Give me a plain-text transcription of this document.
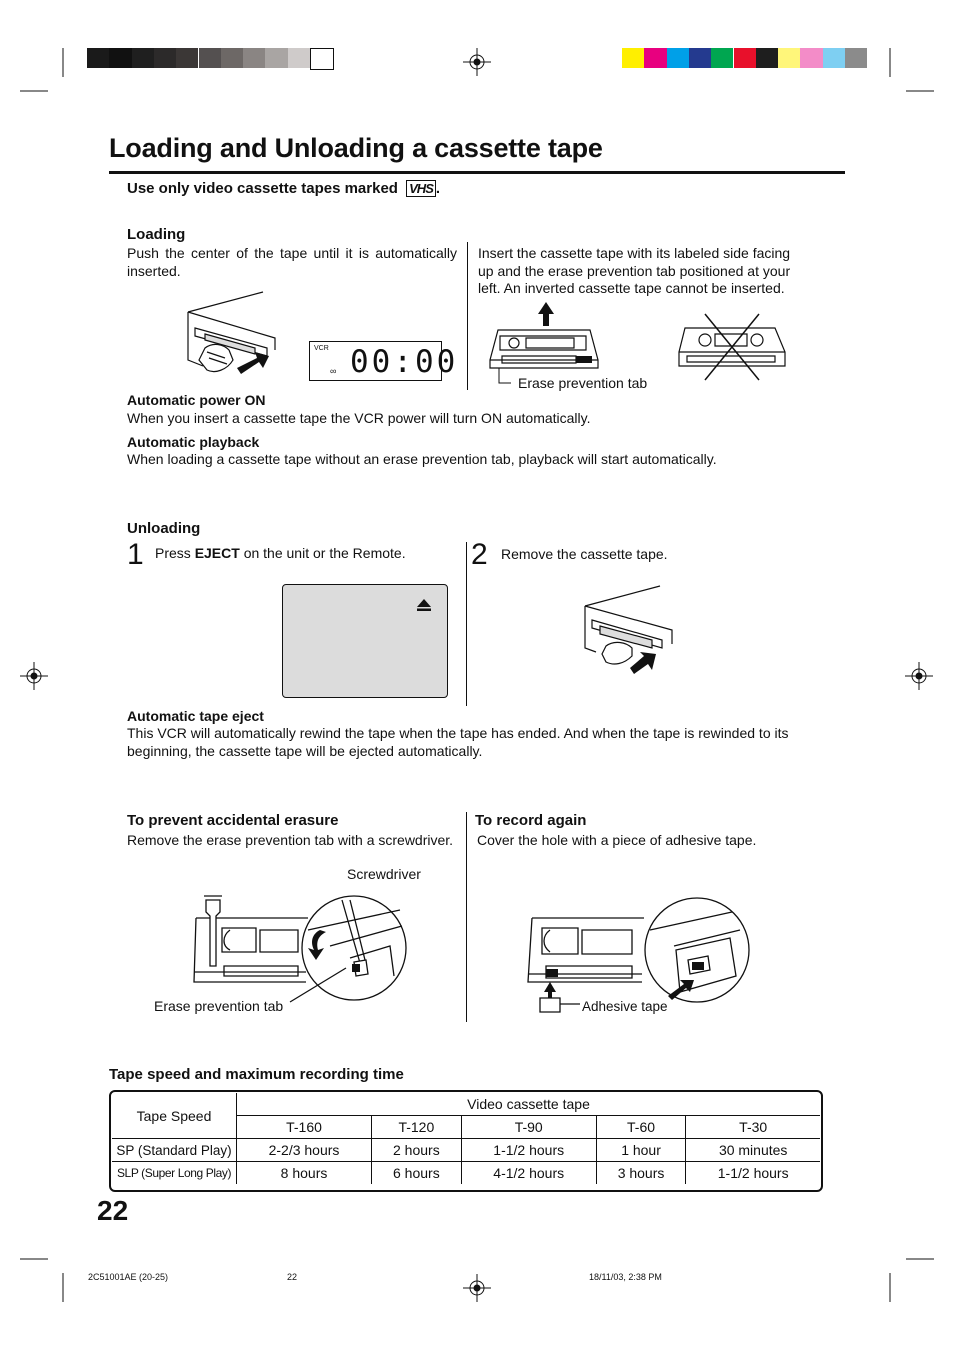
Loading and Unloading a cassette tape
Use only video cassette tapes marked VHS .
Loading
Push the center of the tape until it is automatically inserted.
Insert the cassette tape with its labeled side facing up and the erase prevention tab positioned at your left. An inverted cassette tape cannot be inserted.
VCR
∞ 00:00
Erase prevention tab
Automatic power ON
When you insert a cassette tape the VCR power will turn ON automatically.
Automatic playback
When loading a cassette tape without an erase prevention tab, playback will start automatically.
Unloading
1 Press EJECT on the unit or the Remote. 2 Remove the cassette tape.
Automatic tape eject
This VCR will automatically rewind the tape when the tape has ended. And when the tape is rewinded to its beginning, the cassette tape will be ejected automatically.
To prevent accidental erasure
Remove the erase prevention tab with a screwdriver.
Screwdriver
Erase prevention tab
To record again
Cover the hole with a piece of adhesive tape.
Adhesive tape
Tape speed and maximum recording time
Tape Speed	Video cassette tape				
	T-160	T-120	T-90	T-60	T-30
SP (Standard Play)	2-2/3 hours	2 hours	1-1/2 hours	1 hour	30 minutes
SLP (Super Long Play)	8 hours	6 hours	4-1/2 hours	3 hours	1-1/2 hours
22
2C51001AE (20-25)	22	18/11/03, 2:38 PM
